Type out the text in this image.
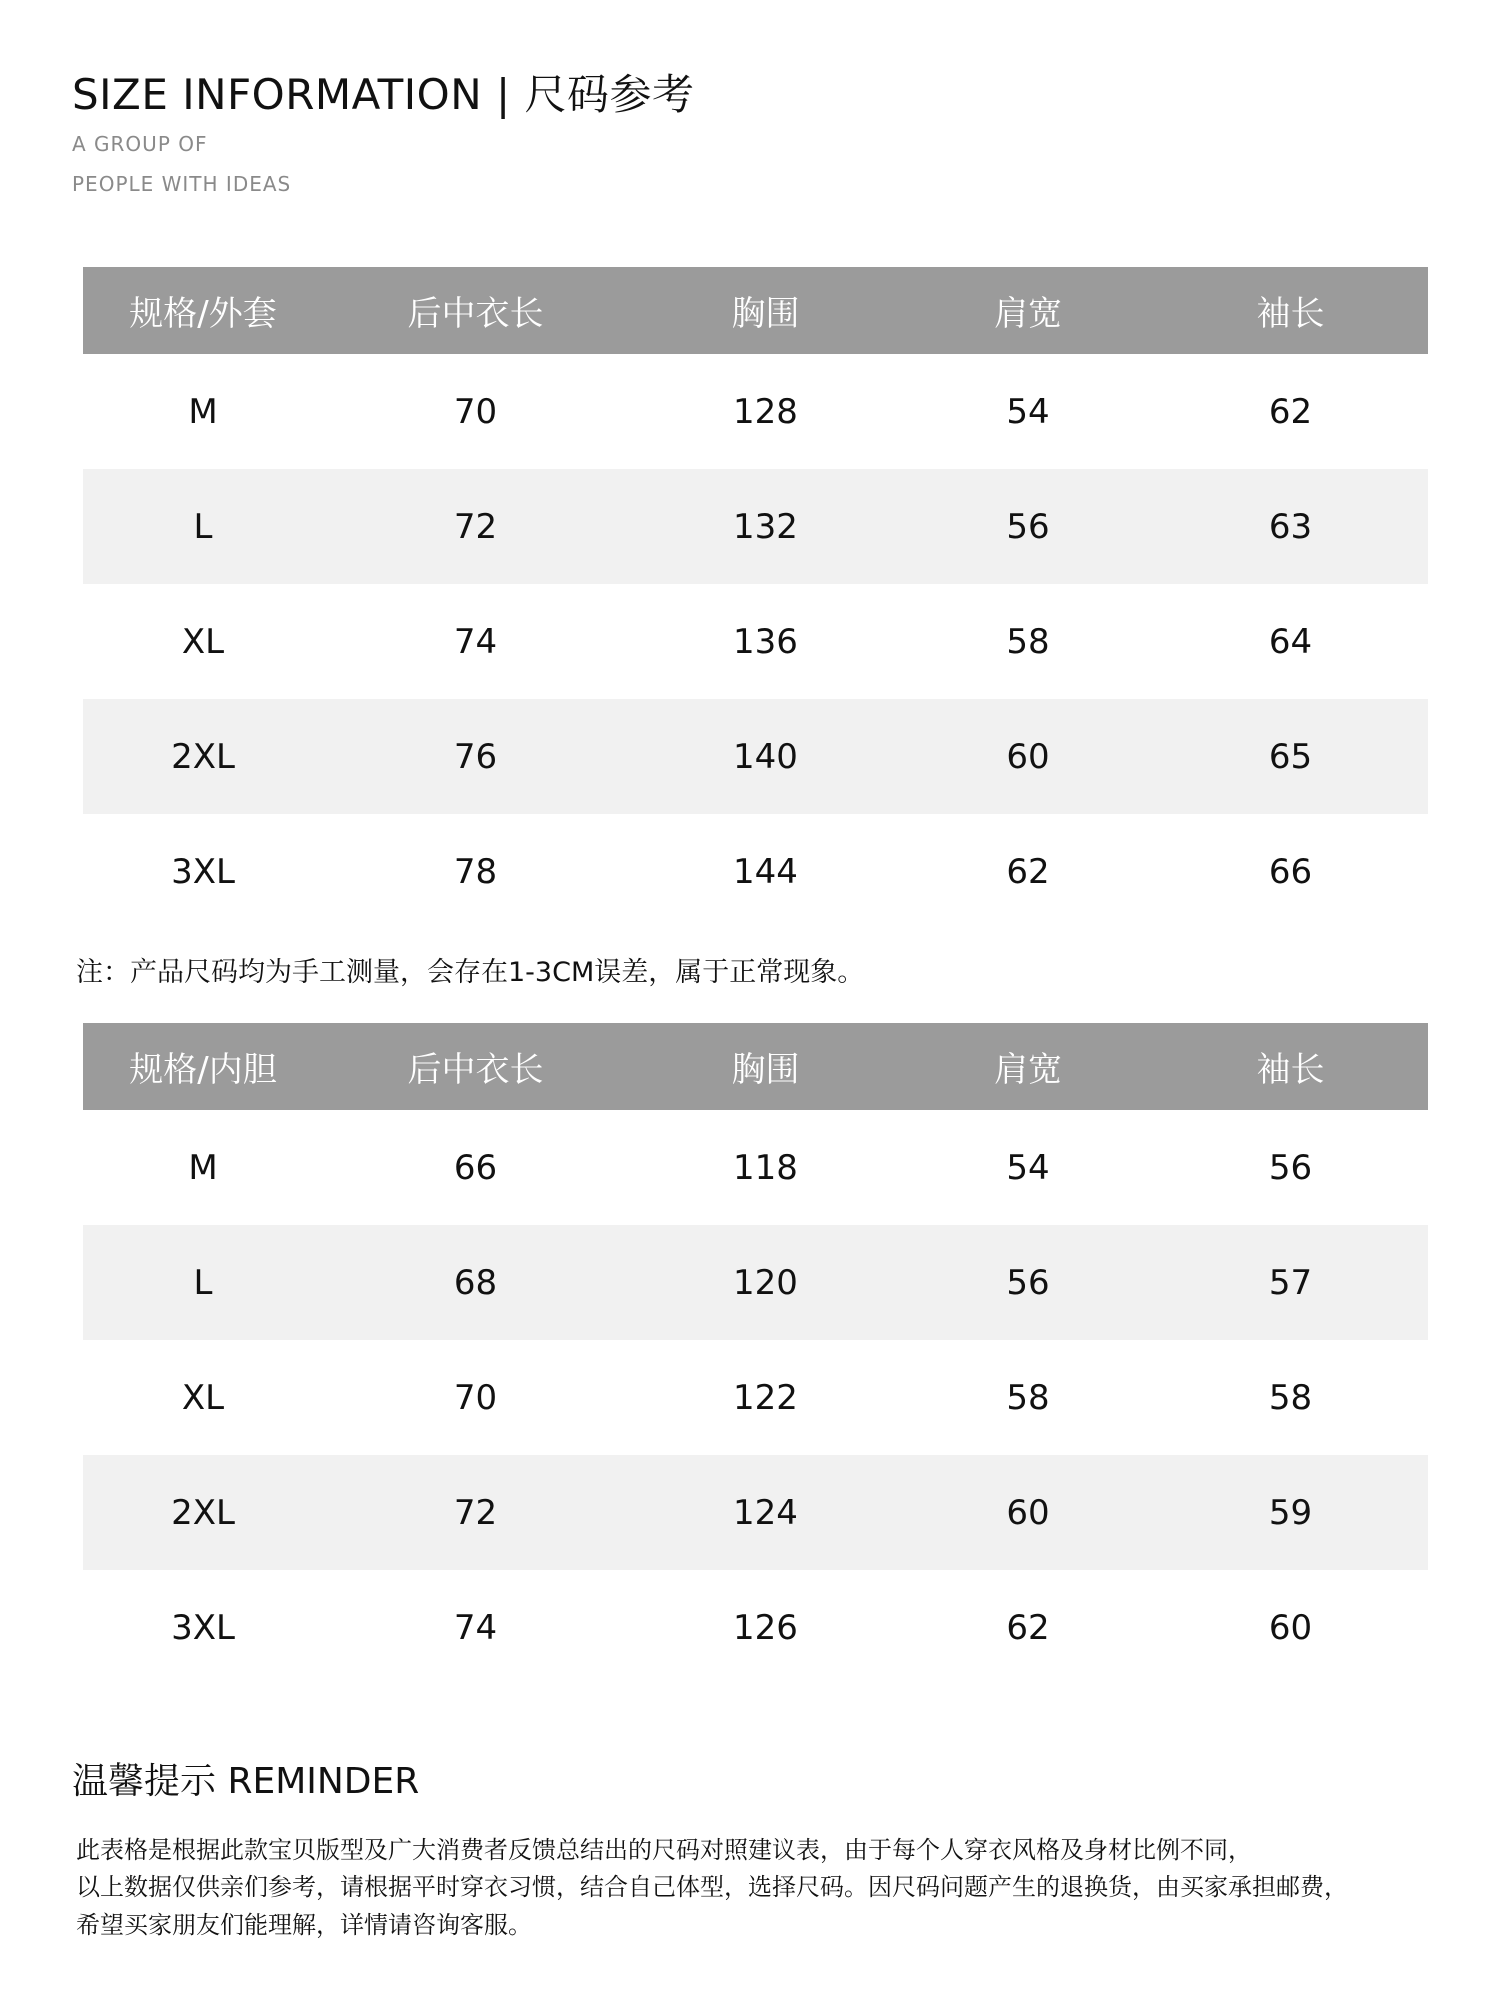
SIZE INFORMATION | 尺码参考
A GROUP OF
PEOPLE WITH IDEAS
规格/外套	后中衣长	胸围	肩宽	袖长
M	70	128	54	62
L	72	132	56	63
XL	74	136	58	64
2XL	76	140	60	65
3XL	78	144	62	66
注：产品尺码均为手工测量，会存在1-3CM误差，属于正常现象。
规格/内胆	后中衣长	胸围	肩宽	袖长
M	66	118	54	56
L	68	120	56	57
XL	70	122	58	58
2XL	72	124	60	59
3XL	74	126	62	60
温馨提示 REMINDER
此表格是根据此款宝贝版型及广大消费者反馈总结出的尺码对照建议表，由于每个人穿衣风格及身材比例不同，
以上数据仅供亲们参考，请根据平时穿衣习惯，结合自己体型，选择尺码。因尺码问题产生的退换货，由买家承担邮费，
希望买家朋友们能理解，详情请咨询客服。
